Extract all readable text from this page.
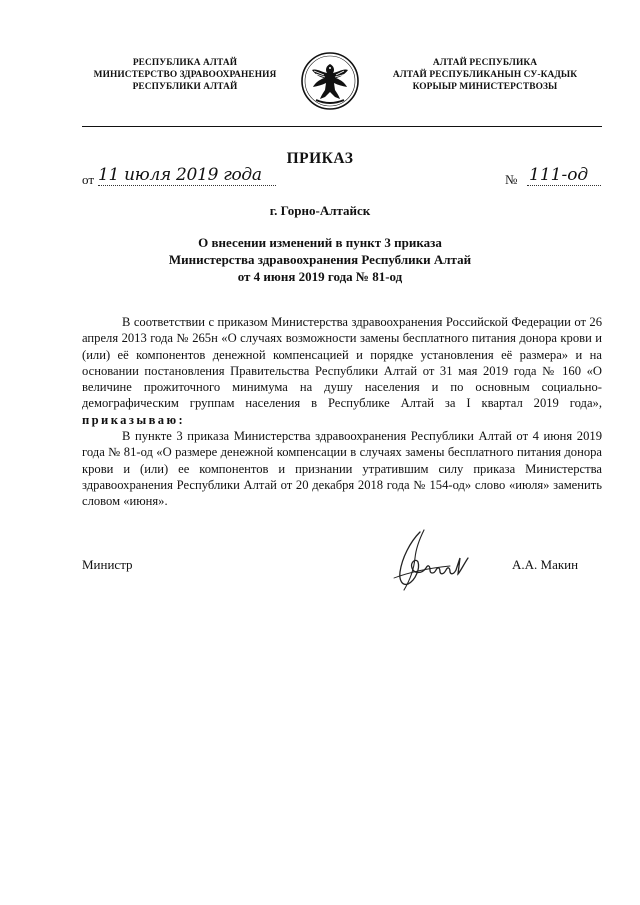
РЕСПУБЛИКА АЛТАЙ
МИНИСТЕРСТВО ЗДРАВООХРАНЕНИЯ
РЕСПУБЛИКИ АЛТАЙ
АЛТАЙ РЕСПУБЛИКА
АЛТАЙ РЕСПУБЛИКАНЫН СУ-КАДЫК
КОРЫЫР МИНИСТЕРСТВОЗЫ
ПРИКАЗ
от 11 июля 2019 года	№ 111-од
г. Горно-Алтайск
О внесении изменений в пункт 3 приказа
Министерства здравоохранения Республики Алтай
от 4 июня 2019 года № 81-од

В соответствии с приказом Министерства здравоохранения Российской Федерации от 26 апреля 2013 года № 265н «О случаях возможности замены бесплатного питания донора крови и (или) её компонентов денежной компенсацией и порядке установления её размера» и на основании постановления Правительства Республики Алтай от 31 мая 2019 года № 160 «О величине прожиточного минимума на душу населения и по основным социально-демографическим группам населения в Республике Алтай за I квартал 2019 года», приказываю:

В пункте 3 приказа Министерства здравоохранения Республики Алтай от 4 июня 2019 года № 81-од «О размере денежной компенсации в случаях замены бесплатного питания донора крови и (или) ее компонентов и признании утратившим силу приказа Министерства здравоохранения Республики Алтай от 20 декабря 2018 года № 154-од» слово «июля» заменить словом «июня».

Министр	А.А. Макин
